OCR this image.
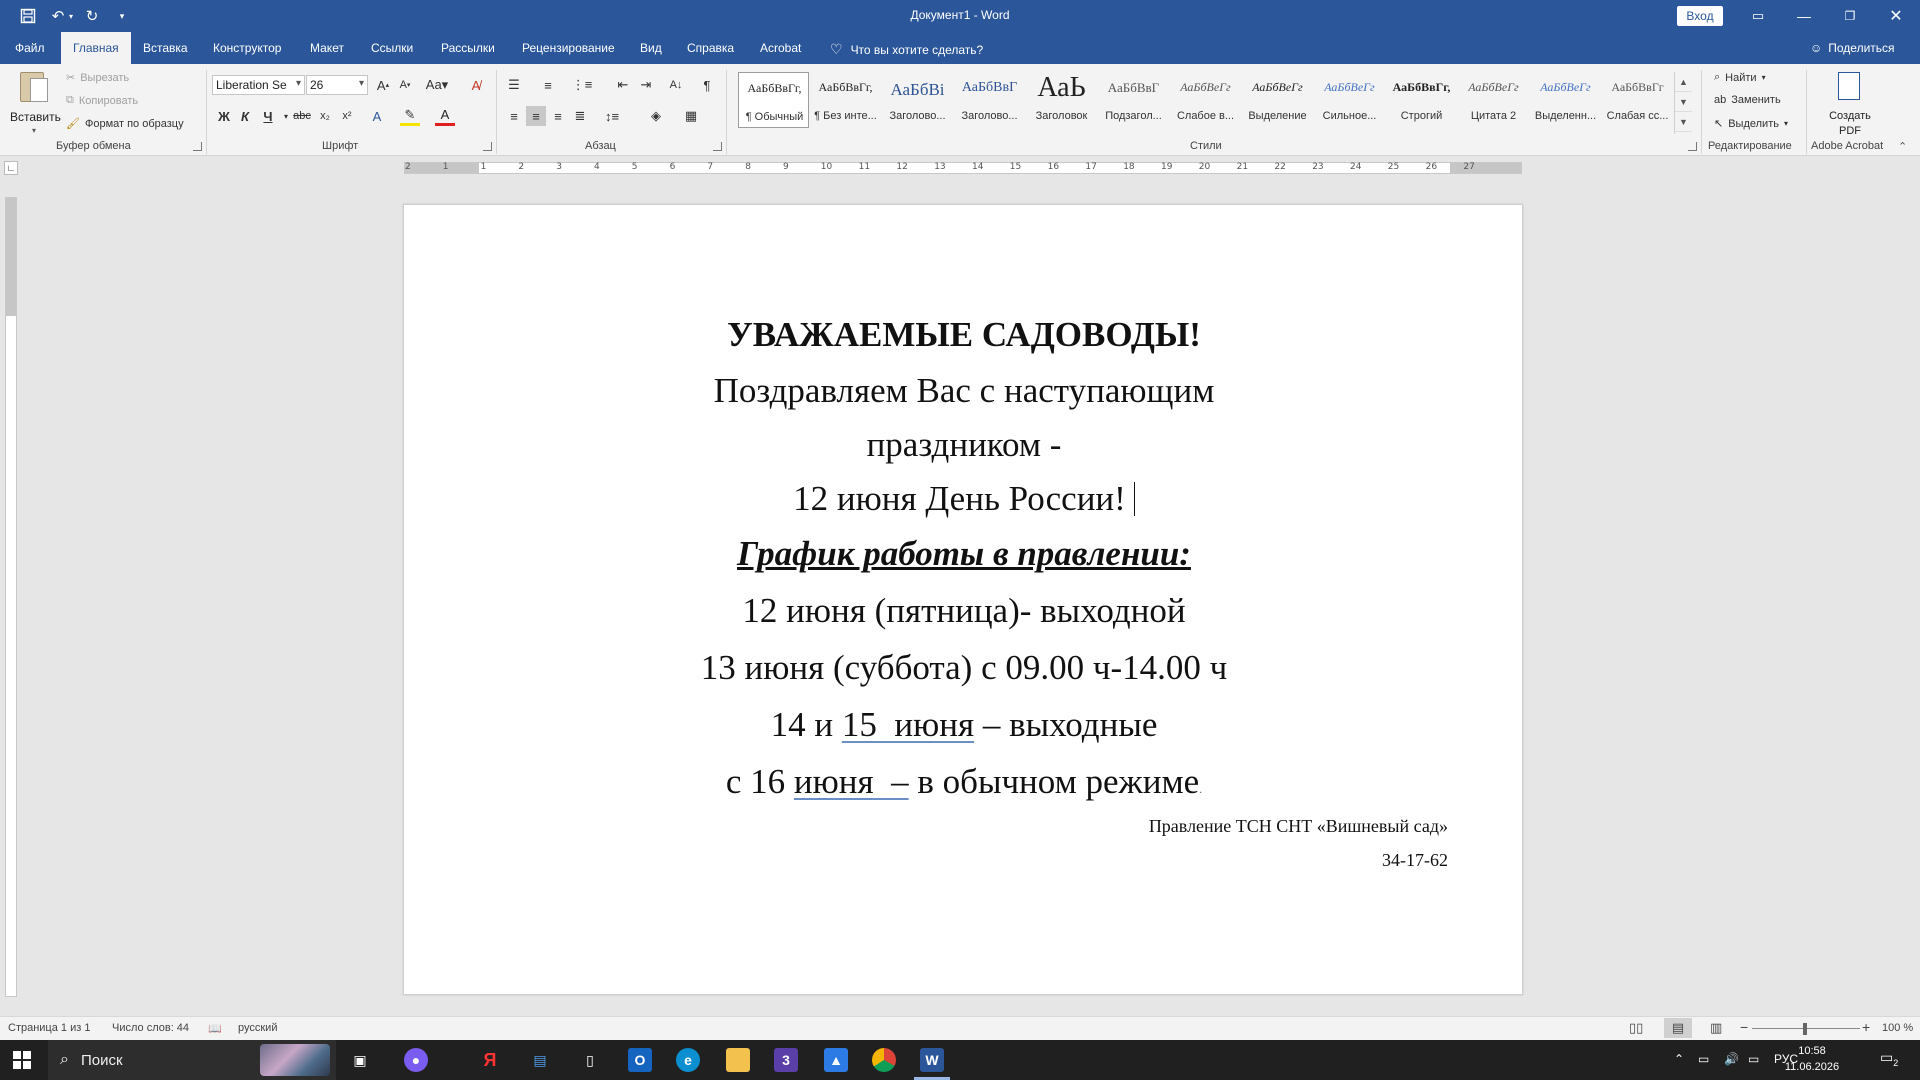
↶ ▾ ↻	▾	Документ1 - Word	Вход	▭	—	❐	✕
Файл	Главная	Вставка Конструктор Макет Ссылки Рассылки Рецензирование Вид Справка Acrobat ♡ Что вы хотите сделать?	☺ Поделиться
Вставить
▾
✂ Вырезать
⧉ Копировать
🖌 Формат по образцу
Буфер обмена
Liberation Se ▾ 26	▾ A ▴ A ▾ Aa▾	A̸
Ж К	Ч	▾ abc x₂	x²	A	✎	A
Шрифт
☰	≡	⋮≡	⇤ ⇥	A↓	¶
≡	≡	≡ ≣	↕≡	◈	▦
Абзац
АаБбВвГг,
¶ Обычный
АаБбВвГг,
¶ Без инте...
АаБбВі
Заголово...
АаБбВвГ
Заголово...
АаЬ
Заголовок
АаБбВвГ
Подзагол...
АаБбВеГг
Слабое в...
АаБбВеГг
Выделение
АаБбВеГг
Сильное...
АаБбВвГг,
Строгий
АаБбВеГг
Цитата 2
АаБбВеГг
Выделенн...
АаБбВвГг
Слабая сс...
▲
▼
▼
Стили
⌕ Найти ▾
ab Заменить
↖ Выделить ▾
Редактирование
Создать
PDF
Adobe Acrobat ⌃
∟	2	1	1	2	3	4	5	6	7	8	9	10	11	12	13	14	15	16	17	18	19	20	21	22	23	24	25	26	27
УВАЖАЕМЫЕ САДОВОДЫ!
Поздравляем Вас с наступающим
праздником -
12 июня День России!
График работы в правлении:
12 июня (пятница)- выходной
13 июня (суббота) с 09.00 ч-14.00 ч
14 и 15  июня – выходные
с 16 июня  – в обычном режиме.
Правление ТСН СНТ «Вишневый сад»
34-17-62
Страница 1 из 1 Число слов: 44 📖 русский	▯▯	▤	▥ −	+ 100 %
⌕ Поиск	▣	●	Я	▤	▯	O	e	3	▲	W	⌃ ▭ 🔊 ▭ РУС
10:58
11.06.2026
$▭_2$
